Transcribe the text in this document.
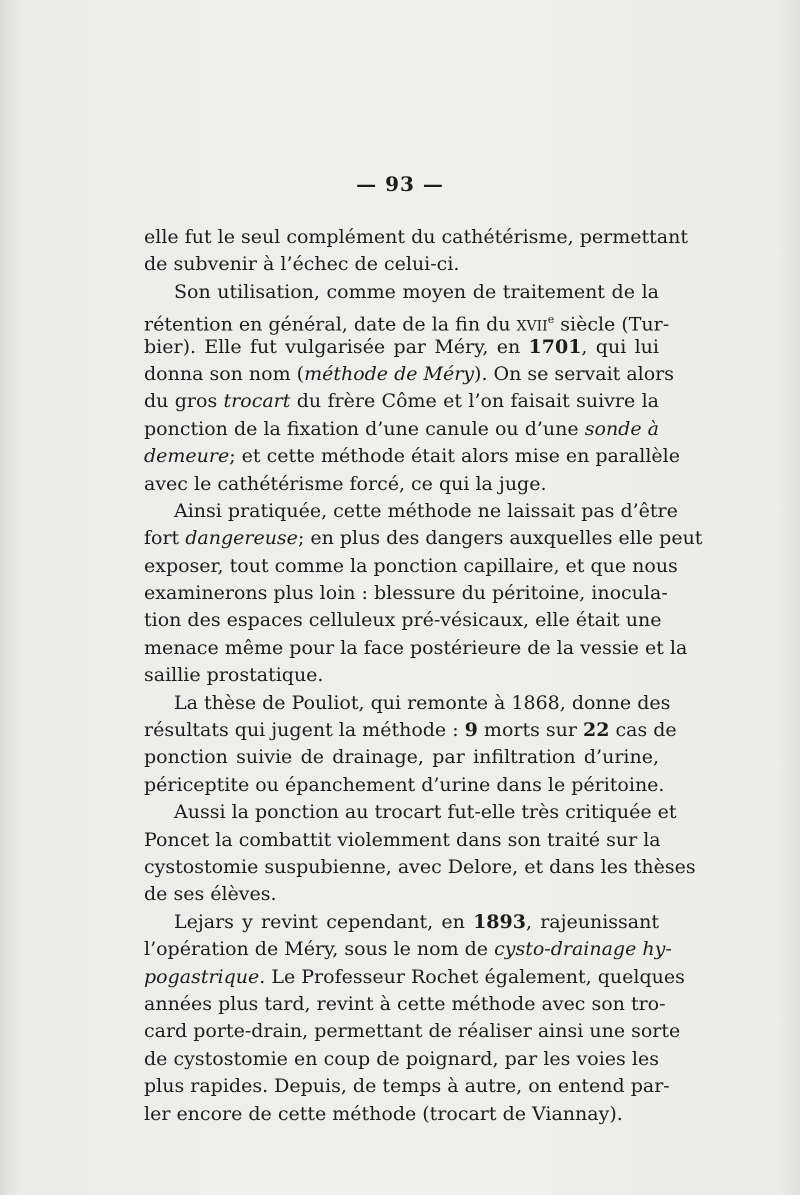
— 93 —
elle fut le seul complément du cathétérisme, permettant
de subvenir à l’échec de celui-ci.
Son utilisation, comme moyen de traitement de la
rétention en général, date de la fin du XVIIe siècle (Tur-
bier). Elle fut vulgarisée par Méry, en 1701, qui lui
donna son nom (méthode de Méry). On se servait alors
du gros trocart du frère Côme et l’on faisait suivre la
ponction de la fixation d’une canule ou d’une sonde à
demeure; et cette méthode était alors mise en parallèle
avec le cathétérisme forcé, ce qui la juge.
Ainsi pratiquée, cette méthode ne laissait pas d’être
fort dangereuse; en plus des dangers auxquelles elle peut
exposer, tout comme la ponction capillaire, et que nous
examinerons plus loin : blessure du péritoine, inocula-
tion des espaces celluleux pré-vésicaux, elle était une
menace même pour la face postérieure de la vessie et la
saillie prostatique.
La thèse de Pouliot, qui remonte à 1868, donne des
résultats qui jugent la méthode : 9 morts sur 22 cas de
ponction suivie de drainage, par infiltration d’urine,
périceptite ou épanchement d’urine dans le péritoine.
Aussi la ponction au trocart fut-elle très critiquée et
Poncet la combattit violemment dans son traité sur la
cystostomie suspubienne, avec Delore, et dans les thèses
de ses élèves.
Lejars y revint cependant, en 1893, rajeunissant
l’opération de Méry, sous le nom de cysto-drainage hy-
pogastrique. Le Professeur Rochet également, quelques
années plus tard, revint à cette méthode avec son tro-
card porte-drain, permettant de réaliser ainsi une sorte
de cystostomie en coup de poignard, par les voies les
plus rapides. Depuis, de temps à autre, on entend par-
ler encore de cette méthode (trocart de Viannay).
